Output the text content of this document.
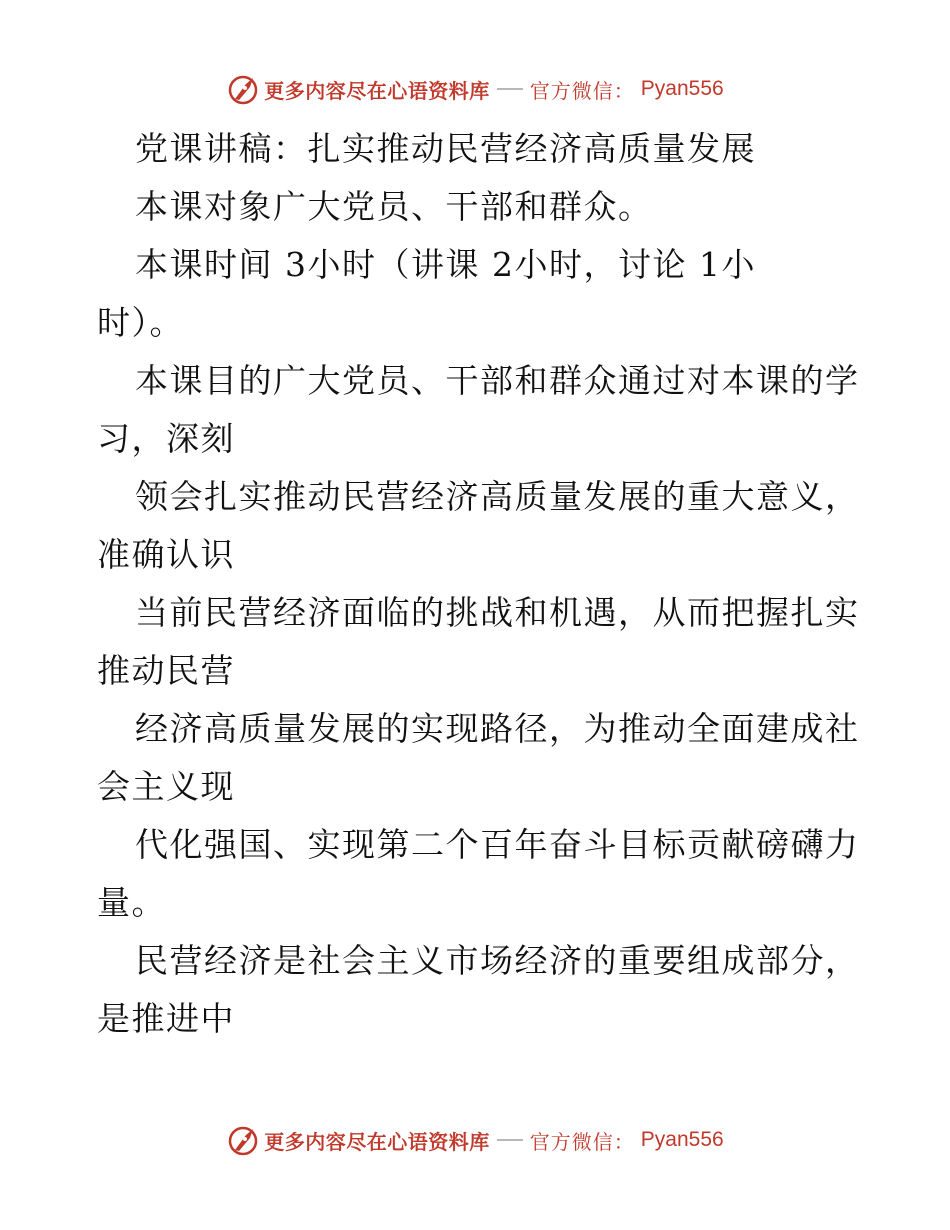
更多内容尽在心语资料库 官方微信： Pyan556
党课讲稿：扎实推动民营经济高质量发展
本课对象广大党员、干部和群众。
本课时间 3小时（讲课 2小时，讨论 1小
时）。
本课目的广大党员、干部和群众通过对本课的学
习，深刻
领会扎实推动民营经济高质量发展的重大意义，
准确认识
当前民营经济面临的挑战和机遇，从而把握扎实
推动民营
经济高质量发展的实现路径，为推动全面建成社
会主义现
代化强国、实现第二个百年奋斗目标贡献磅礴力
量。
民营经济是社会主义市场经济的重要组成部分，
是推进中
更多内容尽在心语资料库 官方微信： Pyan556
